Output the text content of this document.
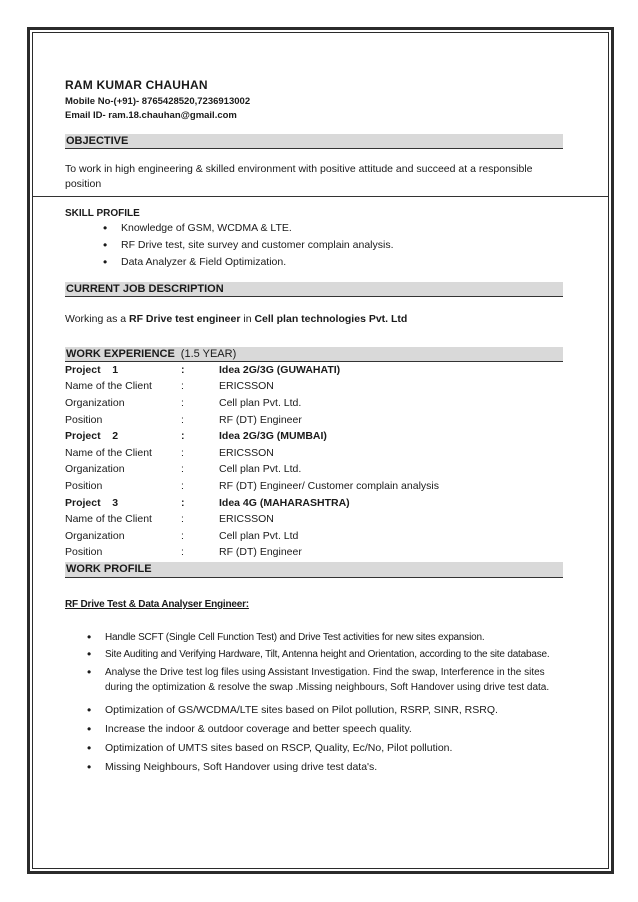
RAM KUMAR CHAUHAN
Mobile No-(+91)- 8765428520,7236913002
Email ID- ram.18.chauhan@gmail.com
OBJECTIVE
To work in high engineering & skilled environment with positive attitude and succeed at a responsible
position
SKILL PROFILE
• Knowledge of GSM, WCDMA & LTE.
• RF Drive test, site survey and customer complain analysis.
• Data Analyzer & Field Optimization.
CURRENT JOB DESCRIPTION
Working as a RF Drive test engineer in Cell plan technologies Pvt. Ltd
WORK EXPERIENCE (1.5 YEAR)
Project    1	:	Idea 2G/3G (GUWAHATI)
Name of the Client	:	ERICSSON
Organization	:	Cell plan Pvt. Ltd.
Position	:	RF (DT) Engineer
Project    2	:	Idea 2G/3G (MUMBAI)
Name of the Client	:	ERICSSON
Organization	:	Cell plan Pvt. Ltd.
Position	:	RF (DT) Engineer/ Customer complain analysis
Project    3	:	Idea 4G (MAHARASHTRA)
Name of the Client	:	ERICSSON
Organization	:	Cell plan Pvt. Ltd
Position	:	RF (DT) Engineer
WORK PROFILE
RF Drive Test & Data Analyser Engineer:
• Handle SCFT (Single Cell Function Test) and Drive Test activities for new sites expansion.
• Site Auditing and Verifying Hardware, Tilt, Antenna height and Orientation, according to the site database.
• Analyse the Drive test log files using Assistant Investigation. Find the swap, Interference in the sites during the optimization & resolve the swap .Missing neighbours, Soft Handover using drive test data.
• Optimization of GS/WCDMA/LTE sites based on Pilot pollution, RSRP, SINR, RSRQ.
• Increase the indoor & outdoor coverage and better speech quality.
• Optimization of UMTS sites based on RSCP, Quality, Ec/No, Pilot pollution.
• Missing Neighbours, Soft Handover using drive test data's.
